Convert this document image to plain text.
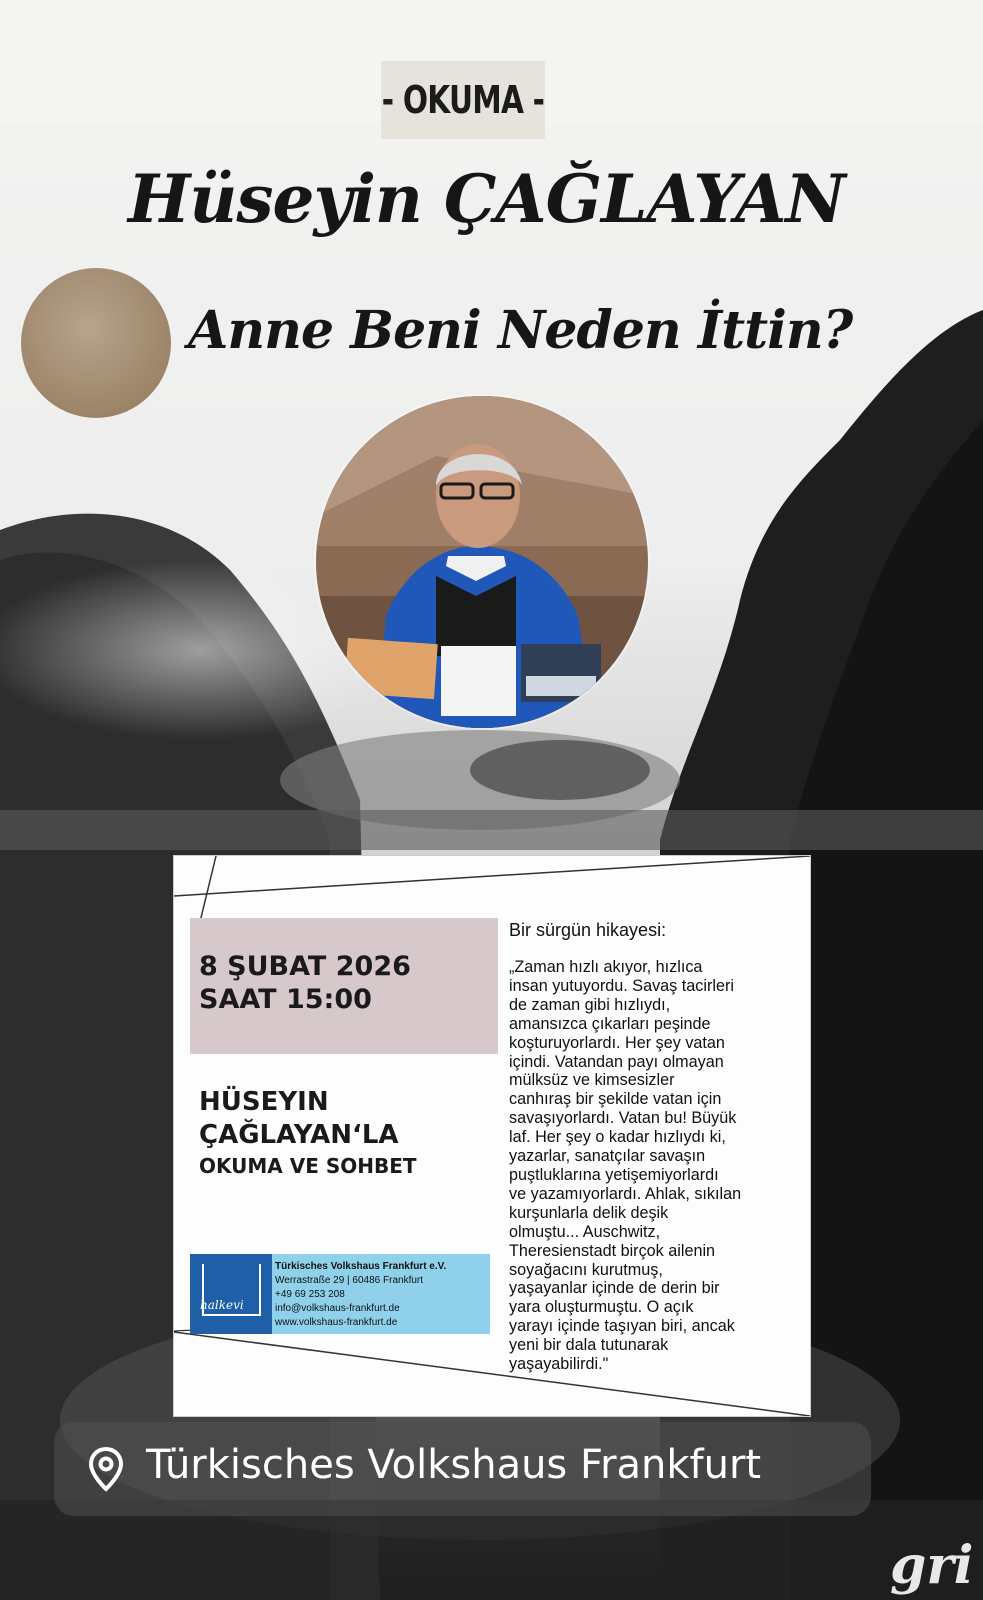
- OKUMA -
Hüseyin ÇAĞLAYAN
Anne Beni Neden İttin?
8 ŞUBAT 2026
SAAT 15:00
HÜSEYIN
ÇAĞLAYAN‘LA
OKUMA VE SOHBET
halkevi
Türkisches Volkshaus Frankfurt e.V.
Werrastraße 29 | 60486 Frankfurt
+49 69 253 208
info@volkshaus-frankfurt.de
www.volkshaus-frankfurt.de
Bir sürgün hikayesi:
„Zaman hızlı akıyor, hızlıca
insan yutuyordu. Savaş tacirleri
de zaman gibi hızlıydı,
amansızca çıkarları peşinde
koşturuyorlardı. Her şey vatan
içindi. Vatandan payı olmayan
mülksüz ve kimsesizler
canhıraş bir şekilde vatan için
savaşıyorlardı. Vatan bu! Büyük
laf. Her şey o kadar hızlıydı ki,
yazarlar, sanatçılar savaşın
puştluklarına yetişemiyorlardı
ve yazamıyorlardı. Ahlak, sıkılan
kurşunlarla delik deşik
olmuştu... Auschwitz,
Theresienstadt birçok ailenin
soyağacını kurutmuş,
yaşayanlar içinde de derin bir
yara oluşturmuştu. O açık
yarayı içinde taşıyan biri, ancak
yeni bir dala tutunarak
yaşayabilirdi."
Türkisches Volkshaus Frankfurt
gri
